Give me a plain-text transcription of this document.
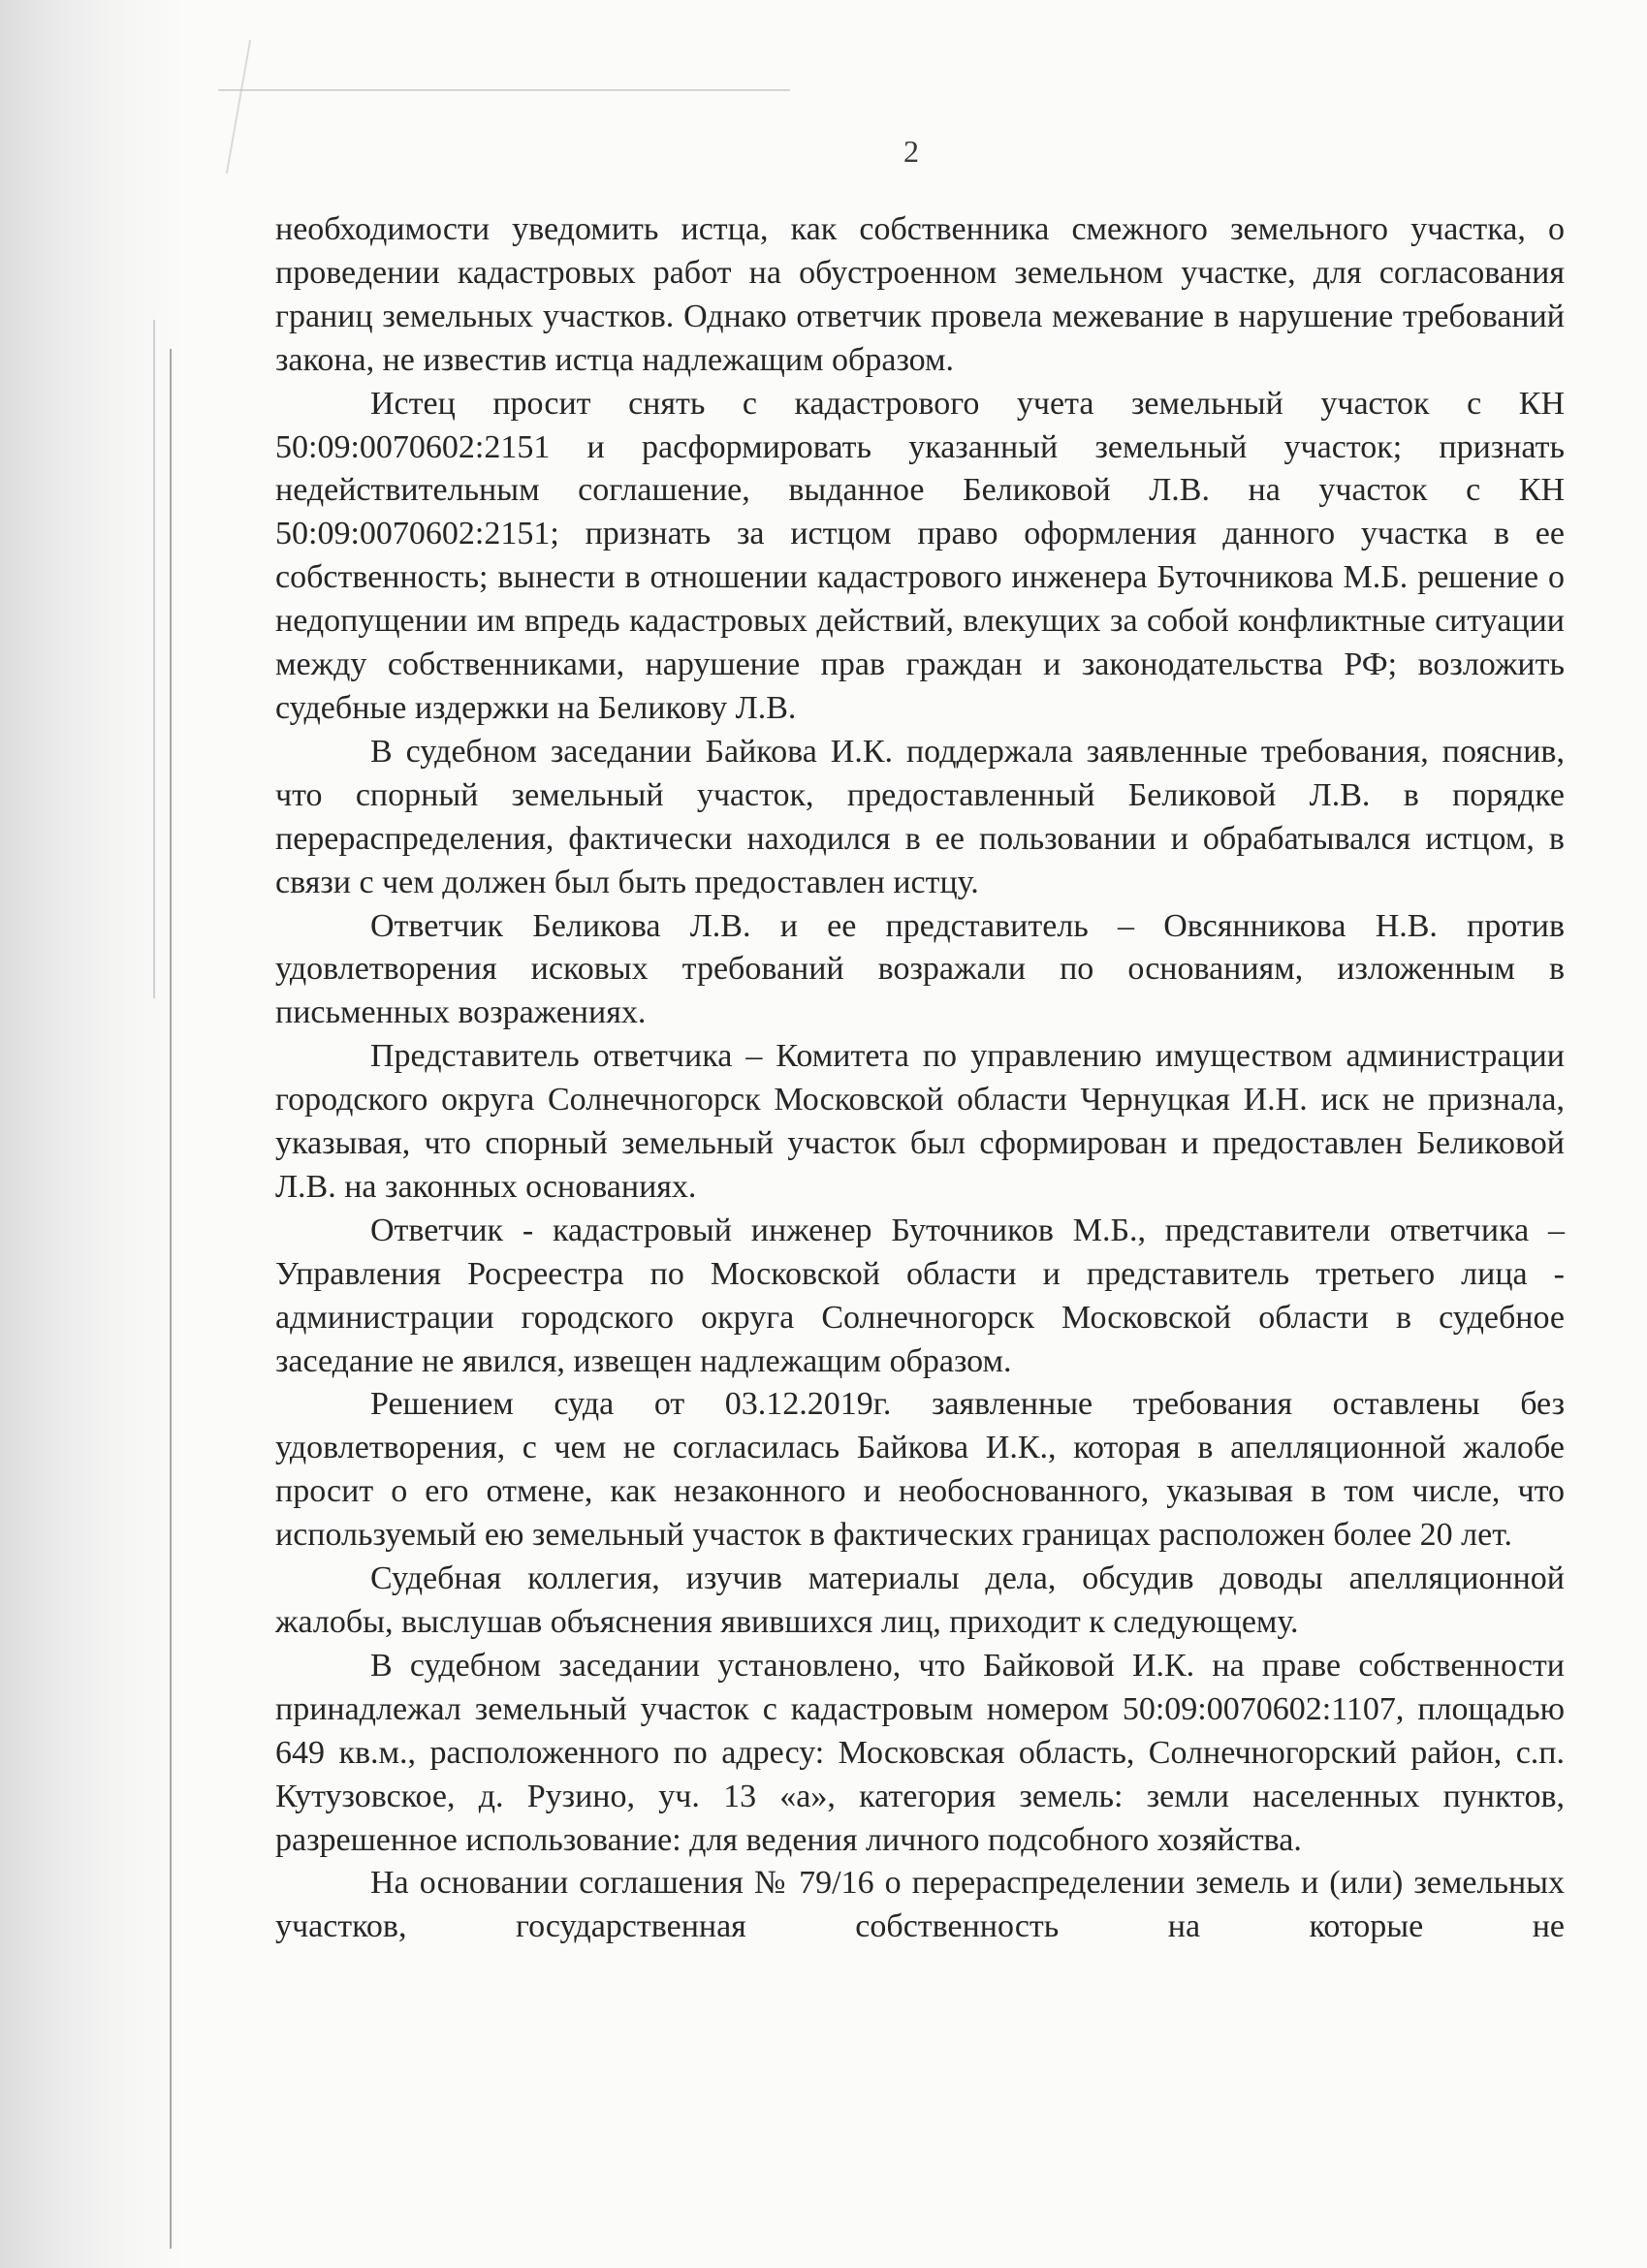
2

необходимости уведомить истца, как собственника смежного земельного участка, о проведении кадастровых работ на обустроенном земельном участке, для согласования границ земельных участков. Однако ответчик провела межевание в нарушение требований закона, не известив истца надлежащим образом.

Истец просит снять с кадастрового учета земельный участок с КН 50:09:0070602:2151 и расформировать указанный земельный участок; признать недействительным соглашение, выданное Беликовой Л.В. на участок с КН 50:09:0070602:2151; признать за истцом право оформления данного участка в ее собственность; вынести в отношении кадастрового инженера Буточникова М.Б. решение о недопущении им впредь кадастровых действий, влекущих за собой конфликтные ситуации между собственниками, нарушение прав граждан и законодательства РФ; возложить судебные издержки на Беликову Л.В.

В судебном заседании Байкова И.К. поддержала заявленные требования, пояснив, что спорный земельный участок, предоставленный Беликовой Л.В. в порядке перераспределения, фактически находился в ее пользовании и обрабатывался истцом, в связи с чем должен был быть предоставлен истцу.

Ответчик Беликова Л.В. и ее представитель – Овсянникова Н.В. против удовлетворения исковых требований возражали по основаниям, изложенным в письменных возражениях.

Представитель ответчика – Комитета по управлению имуществом администрации городского округа Солнечногорск Московской области Чернуцкая И.Н. иск не признала, указывая, что спорный земельный участок был сформирован и предоставлен Беликовой Л.В. на законных основаниях.

Ответчик - кадастровый инженер Буточников М.Б., представители ответчика – Управления Росреестра по Московской области и представитель третьего лица - администрации городского округа Солнечногорск Московской области в судебное заседание не явился, извещен надлежащим образом.

Решением суда от 03.12.2019г. заявленные требования оставлены без удовлетворения, с чем не согласилась Байкова И.К., которая в апелляционной жалобе просит о его отмене, как незаконного и необоснованного, указывая в том числе, что используемый ею земельный участок в фактических границах расположен более 20 лет.

Судебная коллегия, изучив материалы дела, обсудив доводы апелляционной жалобы, выслушав объяснения явившихся лиц, приходит к следующему.

В судебном заседании установлено, что Байковой И.К. на праве собственности принадлежал земельный участок с кадастровым номером 50:09:0070602:1107, площадью 649 кв.м., расположенного по адресу: Московская область, Солнечногорский район, с.п. Кутузовское, д. Рузино, уч. 13 «а», категория земель: земли населенных пунктов, разрешенное использование: для ведения личного подсобного хозяйства.

На основании соглашения № 79/16 о перераспределении земель и (или) земельных участков, государственная собственность на которые не
